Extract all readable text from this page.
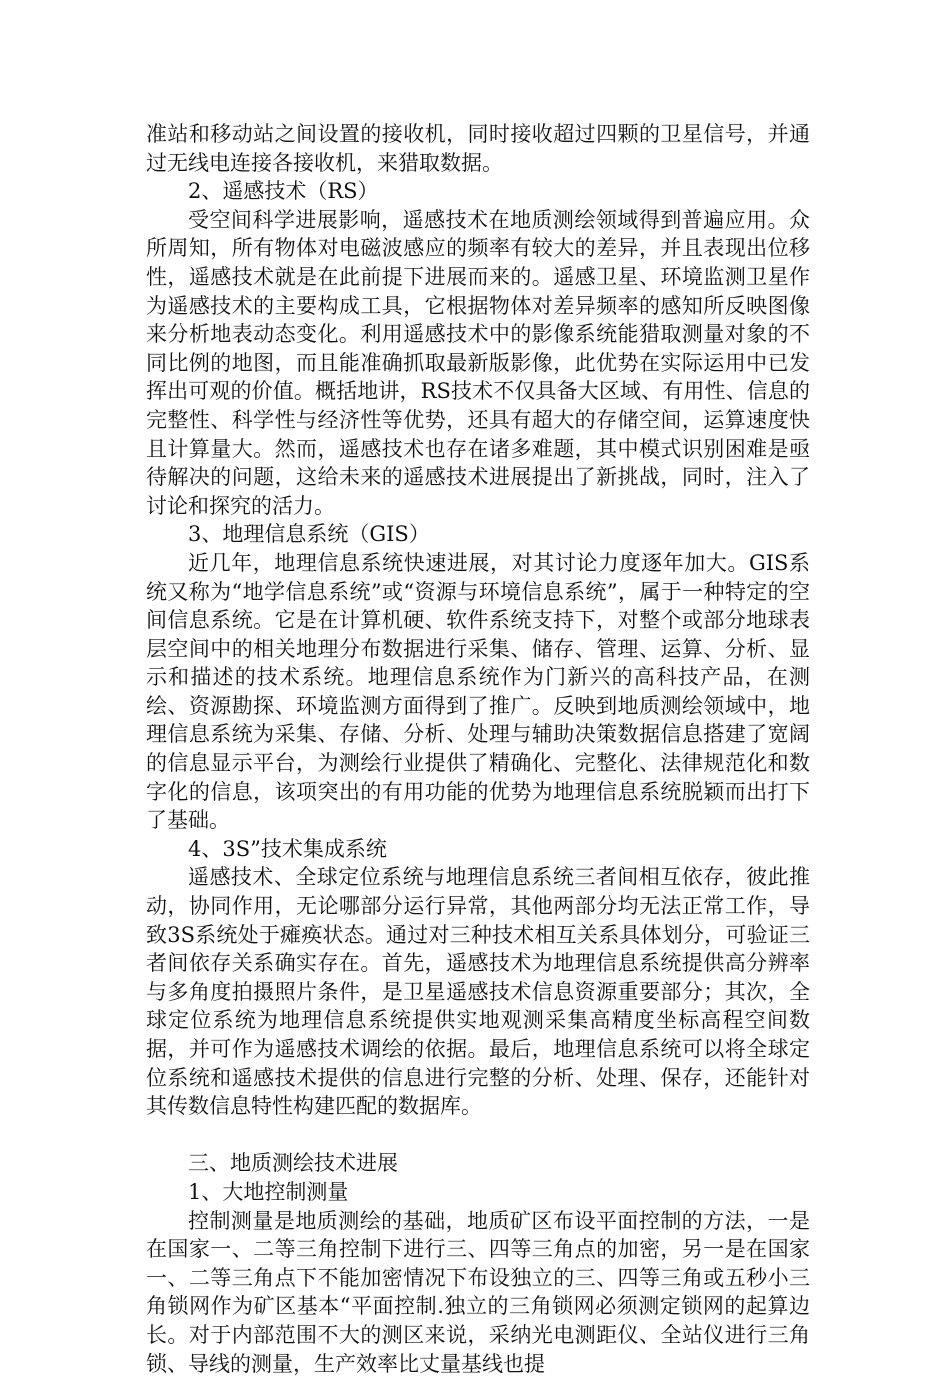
准站和移动站之间设置的接收机，同时接收超过四颗的卫星信号，并通过无线电连接各接收机，来猎取数据。

2、遥感技术（RS）

受空间科学进展影响，遥感技术在地质测绘领域得到普遍应用。众所周知，所有物体对电磁波感应的频率有较大的差异，并且表现出位移性，遥感技术就是在此前提下进展而来的。遥感卫星、环境监测卫星作为遥感技术的主要构成工具，它根据物体对差异频率的感知所反映图像来分析地表动态变化。利用遥感技术中的影像系统能猎取测量对象的不同比例的地图，而且能准确抓取最新版影像，此优势在实际运用中已发挥出可观的价值。概括地讲，RS技术不仅具备大区域、有用性、信息的完整性、科学性与经济性等优势，还具有超大的存储空间，运算速度快且计算量大。然而，遥感技术也存在诸多难题，其中模式识别困难是亟待解决的问题，这给未来的遥感技术进展提出了新挑战，同时，注入了讨论和探究的活力。

3、地理信息系统（GIS）

近几年，地理信息系统快速进展，对其讨论力度逐年加大。GIS系统又称为“地学信息系统”或“资源与环境信息系统”，属于一种特定的空间信息系统。它是在计算机硬、软件系统支持下，对整个或部分地球表层空间中的相关地理分布数据进行采集、储存、管理、运算、分析、显示和描述的技术系统。地理信息系统作为门新兴的高科技产品，在测绘、资源勘探、环境监测方面得到了推广。反映到地质测绘领域中，地理信息系统为采集、存储、分析、处理与辅助决策数据信息搭建了宽阔的信息显示平台，为测绘行业提供了精确化、完整化、法律规范化和数字化的信息，该项突出的有用功能的优势为地理信息系统脱颖而出打下了基础。

4、3S”技术集成系统

遥感技术、全球定位系统与地理信息系统三者间相互依存，彼此推动，协同作用，无论哪部分运行异常，其他两部分均无法正常工作，导致3S系统处于瘫痪状态。通过对三种技术相互关系具体划分，可验证三者间依存关系确实存在。首先，遥感技术为地理信息系统提供高分辨率与多角度拍摄照片条件，是卫星遥感技术信息资源重要部分；其次，全球定位系统为地理信息系统提供实地观测采集高精度坐标高程空间数据，并可作为遥感技术调绘的依据。最后，地理信息系统可以将全球定位系统和遥感技术提供的信息进行完整的分析、处理、保存，还能针对其传数信息特性构建匹配的数据库。

三、地质测绘技术进展

1、大地控制测量

控制测量是地质测绘的基础，地质矿区布设平面控制的方法，一是在国家一、二等三角控制下进行三、四等三角点的加密，另一是在国家一、二等三角点下不能加密情况下布设独立的三、四等三角或五秒小三角锁网作为矿区基本“平面控制.独立的三角锁网必须测定锁网的起算边长。对于内部范围不大的测区来说，采纳光电测距仪、全站仪进行三角锁、导线的测量，生产效率比丈量基线也提
